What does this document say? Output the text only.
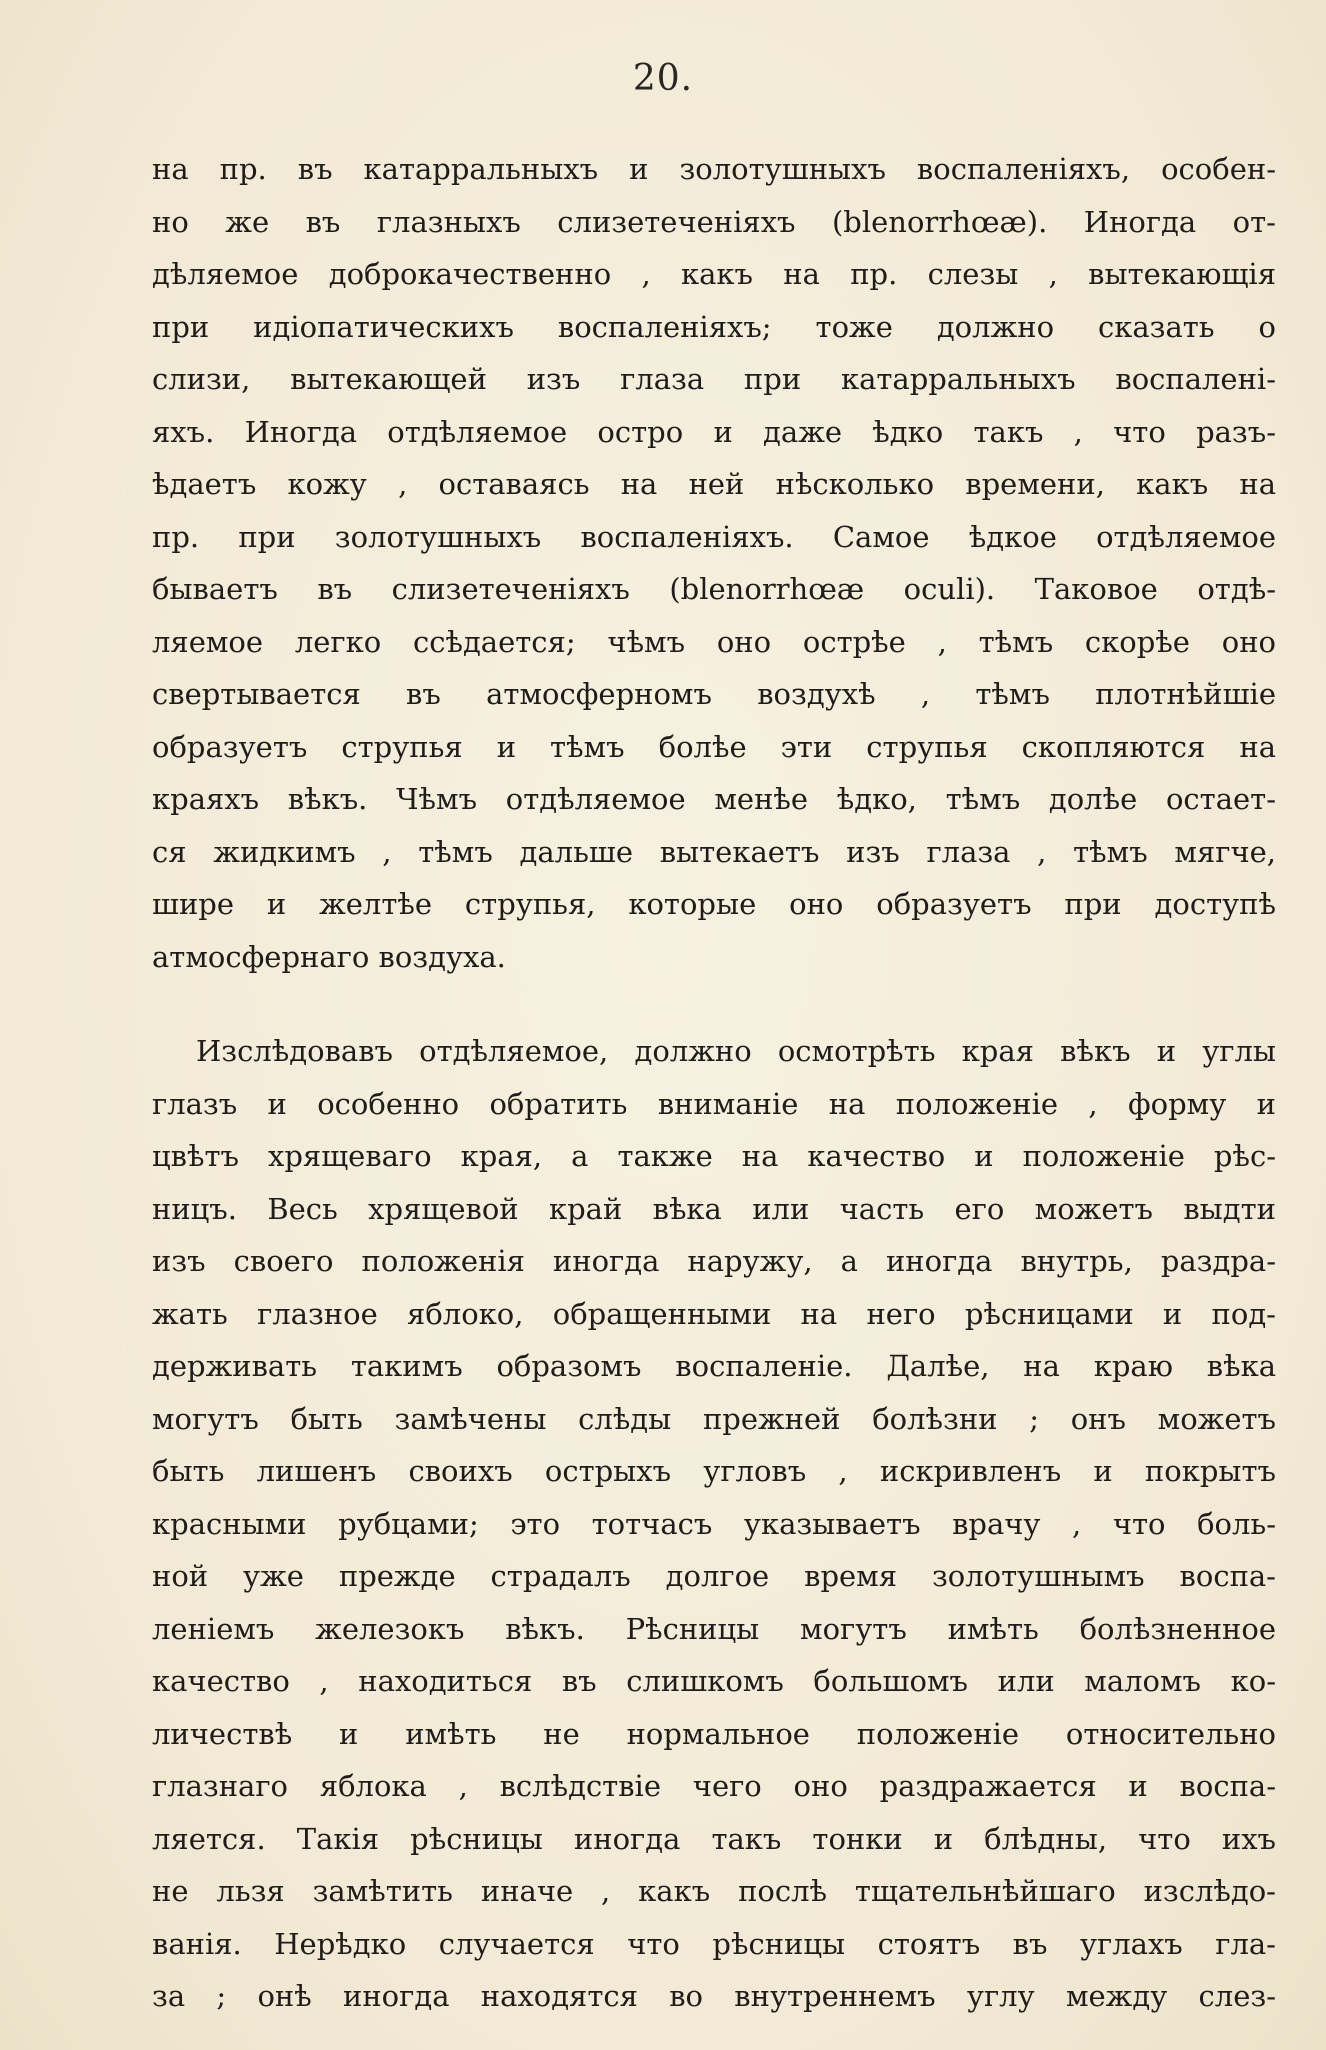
20.
на пр. въ катарральныхъ и золотушныхъ воспаленіяхъ, особен-
но же въ глазныхъ слизетеченіяхъ (blenorrhœæ). Иногда от-
дѣляемое доброкачественно , какъ на пр. слезы , вытекающія
при идіопатическихъ воспаленіяхъ; тоже должно сказать о
слизи, вытекающей изъ глаза при катарральныхъ воспалені-
яхъ. Иногда отдѣляемое остро и даже ѣдко такъ , что разъ-
ѣдаетъ кожу , оставаясь на ней нѣсколько времени, какъ на
пр. при золотушныхъ воспаленіяхъ. Самое ѣдкое отдѣляемое
бываетъ въ слизетеченіяхъ (blenorrhœæ oculi). Таковое отдѣ-
ляемое легко ссѣдается; чѣмъ оно острѣе , тѣмъ скорѣе оно
свертывается въ атмосферномъ воздухѣ , тѣмъ плотнѣйшіе
образуетъ струпья и тѣмъ болѣе эти струпья скопляются на
краяхъ вѣкъ. Чѣмъ отдѣляемое менѣе ѣдко, тѣмъ долѣе остает-
ся жидкимъ , тѣмъ дальше вытекаетъ изъ глаза , тѣмъ мягче,
шире и желтѣе струпья, которые оно образуетъ при доступѣ
атмосфернаго воздуха.
Изслѣдовавъ отдѣляемое, должно осмотрѣть края вѣкъ и углы
глазъ и особенно обратить вниманіе на положеніе , форму и
цвѣтъ хрящеваго края, а также на качество и положеніе рѣс-
ницъ. Весь хрящевой край вѣка или часть его можетъ выдти
изъ своего положенія иногда наружу, а иногда внутрь, раздра-
жать глазное яблоко, обращенными на него рѣсницами и под-
держивать такимъ образомъ воспаленіе. Далѣе, на краю вѣка
могутъ быть замѣчены слѣды прежней болѣзни ; онъ можетъ
быть лишенъ своихъ острыхъ угловъ , искривленъ и покрытъ
красными рубцами; это тотчасъ указываетъ врачу , что боль-
ной уже прежде страдалъ долгое время золотушнымъ воспа-
леніемъ железокъ вѣкъ. Рѣсницы могутъ имѣть болѣзненное
качество , находиться въ слишкомъ большомъ или маломъ ко-
личествѣ и имѣть не нормальное положеніе относительно
глазнаго яблока , вслѣдствіе чего оно раздражается и воспа-
ляется. Такія рѣсницы иногда такъ тонки и блѣдны, что ихъ
не льзя замѣтить иначе , какъ послѣ тщательнѣйшаго изслѣдо-
ванія. Нерѣдко случается что рѣсницы стоятъ въ углахъ гла-
за ; онѣ иногда находятся во внутреннемъ углу между слез-
